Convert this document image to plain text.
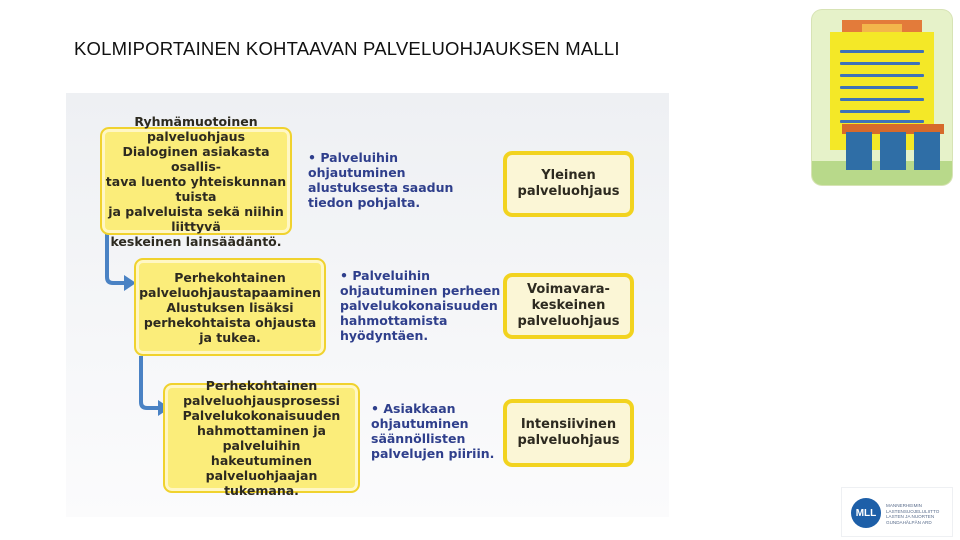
KOLMIPORTAINEN KOHTAAVAN PALVELUOHJAUKSEN MALLI
Ryhmämuotoinen
palveluohjaus
Dialoginen asiakasta osallis-
tava luento yhteiskunnan tuista
ja palveluista sekä niihin liittyvä
keskeinen lainsäädäntö.
Perhekohtainen
palveluohjaustapaaminen
Alustuksen lisäksi
perhekohtaista ohjausta
ja tukea.
Perhekohtainen
palveluohjausprosessi
Palvelukokonaisuuden
hahmottaminen ja palveluihin
hakeutuminen palveluohjaajan
tukemana.
• Palveluihin
ohjautuminen
alustuksesta saadun
tiedon pohjalta.
• Palveluihin
ohjautuminen perheen
palvelukokonaisuuden
hahmottamista
hyödyntäen.
• Asiakkaan
ohjautuminen
säännöllisten
palvelujen piiriin.
Yleinen
palveluohjaus
Voimavara-
keskeinen
palveluohjaus
Intensiivinen
palveluohjaus
MLL
MANNERHEIMIN
LASTENSUOJELULIITTO
LASTEN JA NUORTEN
GUNDAHÄLPÄN ARD
